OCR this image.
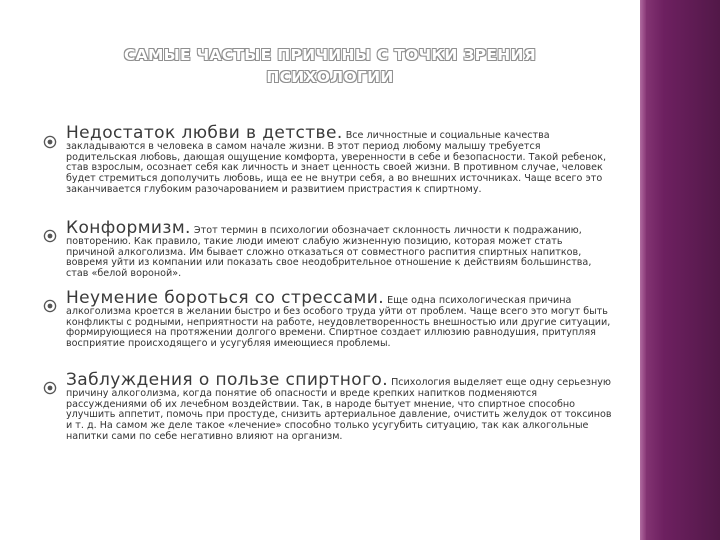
САМЫЕ ЧАСТЫЕ ПРИЧИНЫ С ТОЧКИ ЗРЕНИЯ
ПСИХОЛОГИИ
Недостаток любви в детстве. Все личностные и социальные качества закладываются в человека в самом начале жизни. В этот период любому малышу требуется родительская любовь, дающая ощущение комфорта, уверенности в себе и безопасности. Такой ребенок, став взрослым, осознает себя как личность и знает ценность своей жизни. В противном случае, человек будет стремиться дополучить любовь, ища ее не внутри себя, а во внешних источниках. Чаще всего это заканчивается глубоким разочарованием и развитием пристрастия к спиртному.
Конформизм. Этот термин в психологии обозначает склонность личности к подражанию, повторению. Как правило, такие люди имеют слабую жизненную позицию, которая может стать причиной алкоголизма. Им бывает сложно отказаться от совместного распития спиртных напитков, вовремя уйти из компании или показать свое неодобрительное отношение к действиям большинства, став «белой вороной».
Неумение бороться со стрессами. Еще одна психологическая причина алкоголизма кроется в желании быстро и без особого труда уйти от проблем. Чаще всего это могут быть конфликты с родными, неприятности на работе, неудовлетворенность внешностью или другие ситуации, формирующиеся на протяжении долгого времени. Спиртное создает иллюзию равнодушия, притупляя восприятие происходящего и усугубляя имеющиеся проблемы.
Заблуждения о пользе спиртного. Психология выделяет еще одну серьезную причину алкоголизма, когда понятие об опасности и вреде крепких напитков подменяются рассуждениями об их лечебном воздействии. Так, в народе бытует мнение, что спиртное способно улучшить аппетит, помочь при простуде, снизить артериальное давление, очистить желудок от токсинов и т. д. На самом же деле такое «лечение» способно только усугубить ситуацию, так как алкогольные напитки сами по себе негативно влияют на организм.
